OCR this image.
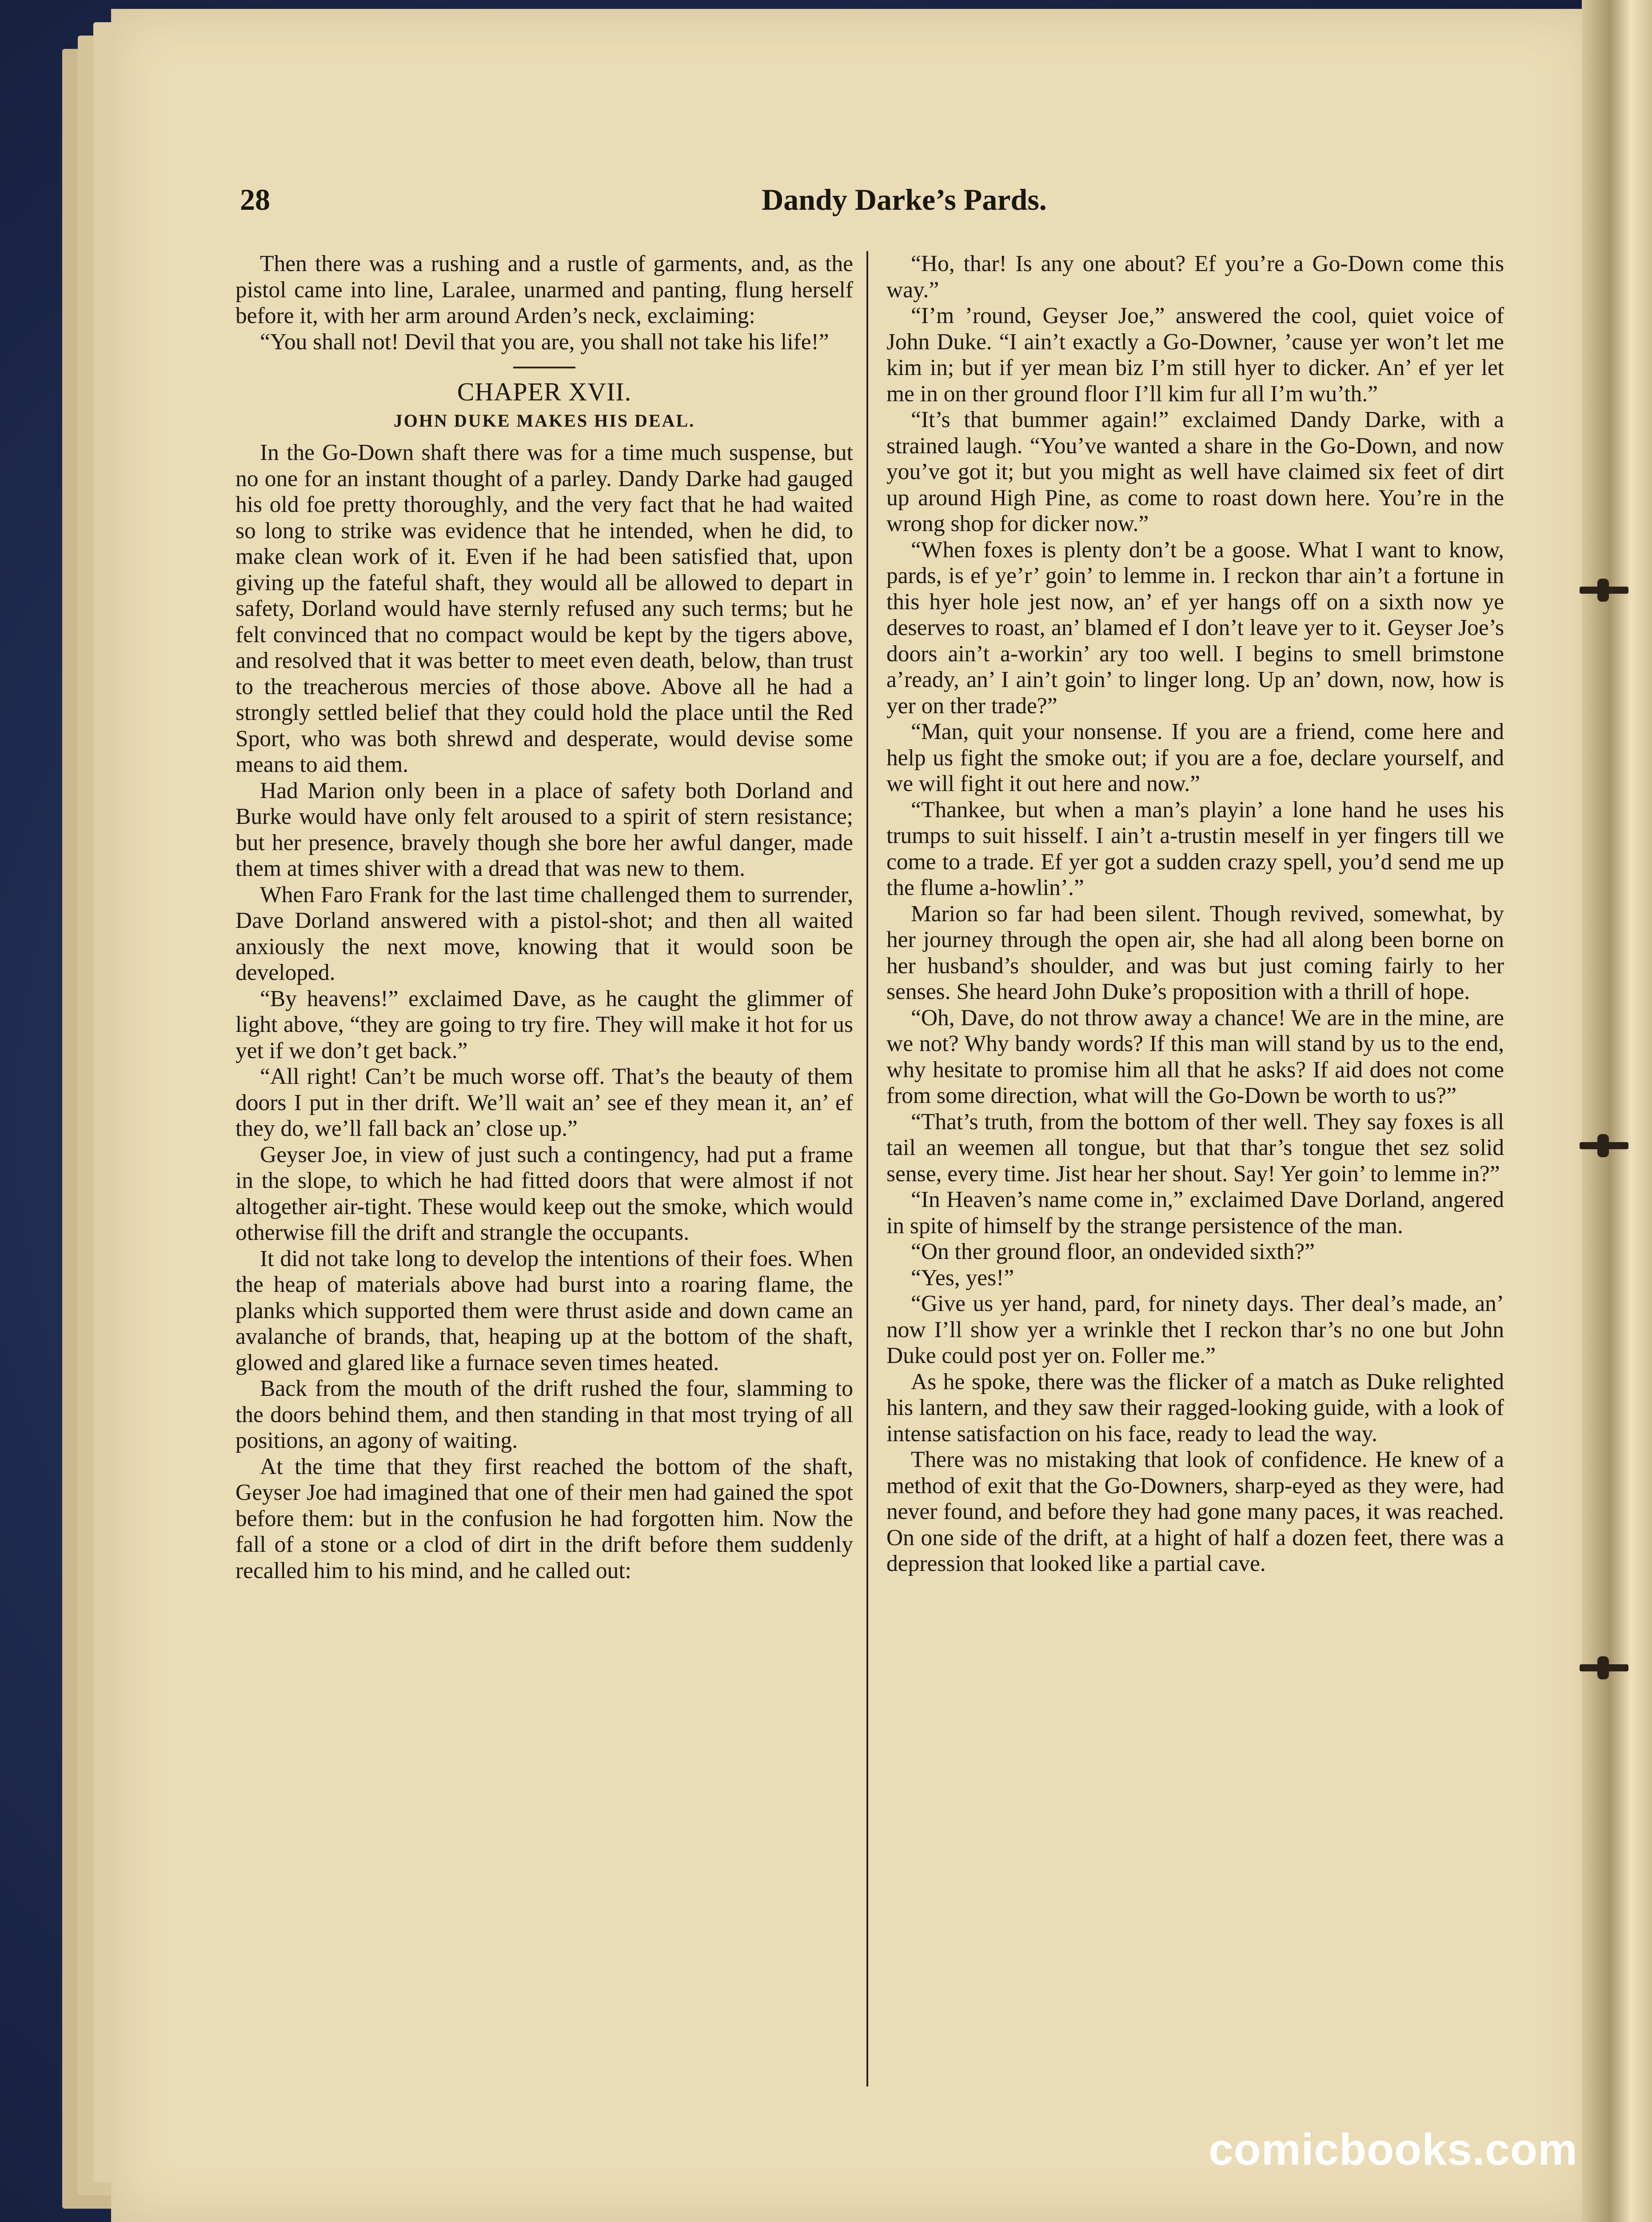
28	Dandy Darke’s Pards.

Then there was a rushing and a rustle of garments, and, as the pistol came into line, Laralee, unarmed and panting, flung herself before it, with her arm around Arden’s neck, exclaiming:

“You shall not! Devil that you are, you shall not take his life!”

CHAPER XVII.
JOHN DUKE MAKES HIS DEAL.

In the Go-Down shaft there was for a time much suspense, but no one for an instant thought of a parley. Dandy Darke had gauged his old foe pretty thoroughly, and the very fact that he had waited so long to strike was evidence that he intended, when he did, to make clean work of it. Even if he had been satisfied that, upon giving up the fateful shaft, they would all be allowed to depart in safety, Dorland would have sternly refused any such terms; but he felt convinced that no compact would be kept by the tigers above, and resolved that it was better to meet even death, below, than trust to the treacherous mercies of those above. Above all he had a strongly settled belief that they could hold the place until the Red Sport, who was both shrewd and desperate, would devise some means to aid them.

Had Marion only been in a place of safety both Dorland and Burke would have only felt aroused to a spirit of stern resistance; but her presence, bravely though she bore her awful danger, made them at times shiver with a dread that was new to them.

When Faro Frank for the last time challenged them to surrender, Dave Dorland answered with a pistol-shot; and then all waited anxiously the next move, knowing that it would soon be developed.

“By heavens!” exclaimed Dave, as he caught the glimmer of light above, “they are going to try fire. They will make it hot for us yet if we don’t get back.”

“All right! Can’t be much worse off. That’s the beauty of them doors I put in ther drift. We’ll wait an’ see ef they mean it, an’ ef they do, we’ll fall back an’ close up.”

Geyser Joe, in view of just such a contingency, had put a frame in the slope, to which he had fitted doors that were almost if not altogether air-tight. These would keep out the smoke, which would otherwise fill the drift and strangle the occupants.

It did not take long to develop the intentions of their foes. When the heap of materials above had burst into a roaring flame, the planks which supported them were thrust aside and down came an avalanche of brands, that, heaping up at the bottom of the shaft, glowed and glared like a furnace seven times heated.

Back from the mouth of the drift rushed the four, slamming to the doors behind them, and then standing in that most trying of all positions, an agony of waiting.

At the time that they first reached the bottom of the shaft, Geyser Joe had imagined that one of their men had gained the spot before them: but in the confusion he had forgotten him. Now the fall of a stone or a clod of dirt in the drift before them suddenly recalled him to his mind, and he called out:

“Ho, thar! Is any one about? Ef you’re a Go-Down come this way.”

“I’m ’round, Geyser Joe,” answered the cool, quiet voice of John Duke. “I ain’t exactly a Go-Downer, ’cause yer won’t let me kim in; but if yer mean biz I’m still hyer to dicker. An’ ef yer let me in on ther ground floor I’ll kim fur all I’m wu’th.”

“It’s that bummer again!” exclaimed Dandy Darke, with a strained laugh. “You’ve wanted a share in the Go-Down, and now you’ve got it; but you might as well have claimed six feet of dirt up around High Pine, as come to roast down here. You’re in the wrong shop for dicker now.”

“When foxes is plenty don’t be a goose. What I want to know, pards, is ef ye’r’ goin’ to lemme in. I reckon thar ain’t a fortune in this hyer hole jest now, an’ ef yer hangs off on a sixth now ye deserves to roast, an’ blamed ef I don’t leave yer to it. Geyser Joe’s doors ain’t a-workin’ ary too well. I begins to smell brimstone a’ready, an’ I ain’t goin’ to linger long. Up an’ down, now, how is yer on ther trade?”

“Man, quit your nonsense. If you are a friend, come here and help us fight the smoke out; if you are a foe, declare yourself, and we will fight it out here and now.”

“Thankee, but when a man’s playin’ a lone hand he uses his trumps to suit hisself. I ain’t a-trustin meself in yer fingers till we come to a trade. Ef yer got a sudden crazy spell, you’d send me up the flume a-howlin’.”

Marion so far had been silent. Though revived, somewhat, by her journey through the open air, she had all along been borne on her husband’s shoulder, and was but just coming fairly to her senses. She heard John Duke’s proposition with a thrill of hope.

“Oh, Dave, do not throw away a chance! We are in the mine, are we not? Why bandy words? If this man will stand by us to the end, why hesitate to promise him all that he asks? If aid does not come from some direction, what will the Go-Down be worth to us?”

“That’s truth, from the bottom of ther well. They say foxes is all tail an weemen all tongue, but that thar’s tongue thet sez solid sense, every time. Jist hear her shout. Say! Yer goin’ to lemme in?”

“In Heaven’s name come in,” exclaimed Dave Dorland, angered in spite of himself by the strange persistence of the man.

“On ther ground floor, an ondevided sixth?”

“Yes, yes!”

“Give us yer hand, pard, for ninety days. Ther deal’s made, an’ now I’ll show yer a wrinkle thet I reckon thar’s no one but John Duke could post yer on. Foller me.”

As he spoke, there was the flicker of a match as Duke relighted his lantern, and they saw their ragged-looking guide, with a look of intense satisfaction on his face, ready to lead the way.

There was no mistaking that look of confidence. He knew of a method of exit that the Go-Downers, sharp-eyed as they were, had never found, and before they had gone many paces, it was reached. On one side of the drift, at a hight of half a dozen feet, there was a depression that looked like a partial cave.

comicbooks.com
